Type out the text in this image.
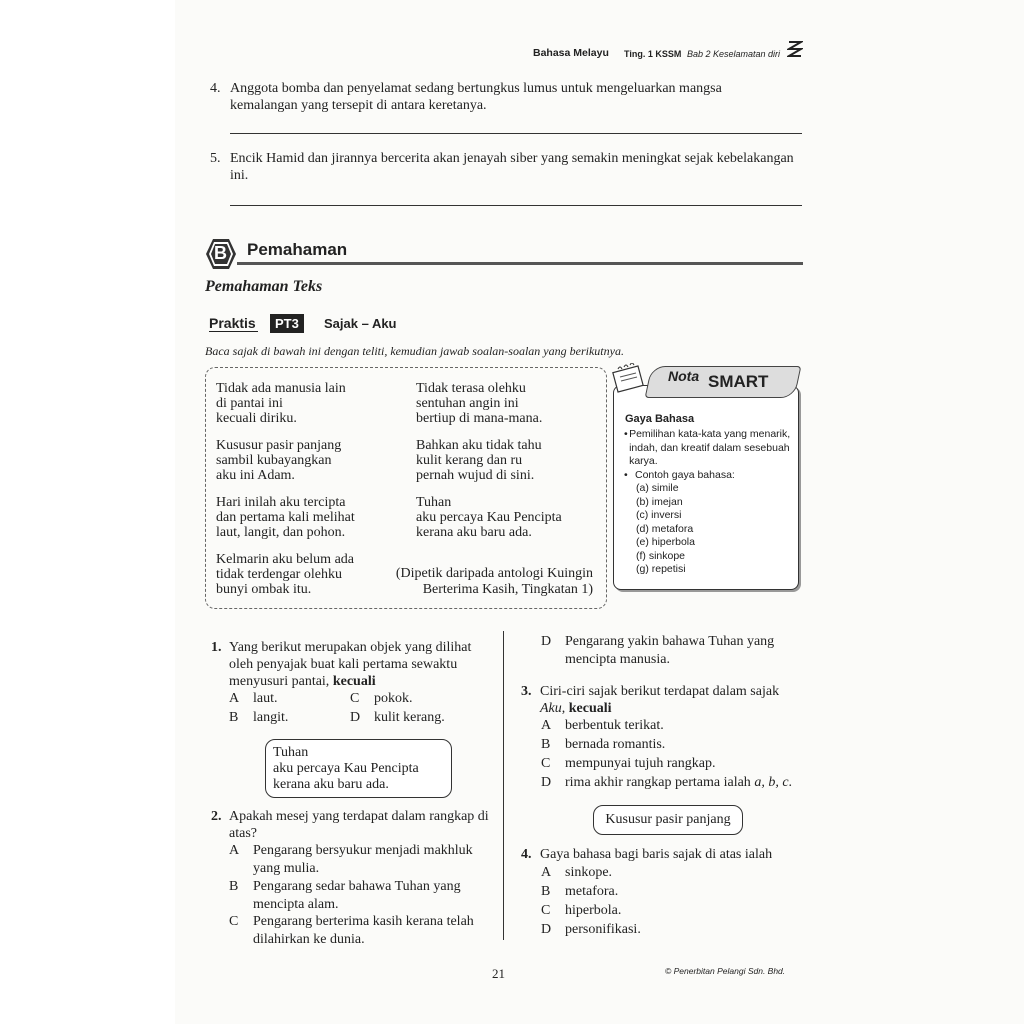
Bahasa Melayu Ting. 1 KSSM Bab 2 Keselamatan diri
4. Anggota bomba dan penyelamat sedang bertungkus lumus untuk mengeluarkan mangsa
kemalangan yang tersepit di antara keretanya.
5. Encik Hamid dan jirannya bercerita akan jenayah siber yang semakin meningkat sejak kebelakangan
ini.
B Pemahaman
Pemahaman Teks
Praktis	PT3	Sajak – Aku
Baca sajak di bawah ini dengan teliti, kemudian jawab soalan-soalan yang berikutnya.
Tidak ada manusia lain
di pantai ini
kecuali diriku.
Kususur pasir panjang
sambil kubayangkan
aku ini Adam.
Hari inilah aku tercipta
dan pertama kali melihat
laut, langit, dan pohon.
Kelmarin aku belum ada
tidak terdengar olehku
bunyi ombak itu.
Tidak terasa olehku
sentuhan angin ini
bertiup di mana-mana.
Bahkan aku tidak tahu
kulit kerang dan ru
pernah wujud di sini.
Tuhan
aku percaya Kau Pencipta
kerana aku baru ada.
(Dipetik daripada antologi Kuingin
Berterima Kasih, Tingkatan 1)
Nota SMART
Gaya Bahasa
• Pemilihan kata-kata yang menarik, indah, dan kreatif dalam sesebuah karya.
• Contoh gaya bahasa:
(a) simile
(b) imejan
(c) inversi
(d) metafora
(e) hiperbola
(f) sinkope
(g) repetisi
1. Yang berikut merupakan objek yang dilihat oleh penyajak buat kali pertama sewaktu menyusuri pantai, kecuali
A laut.	C pokok.
B langit.	D kulit kerang.
Tuhan
aku percaya Kau Pencipta
kerana aku baru ada.
2. Apakah mesej yang terdapat dalam rangkap di atas?
A Pengarang bersyukur menjadi makhluk yang mulia.
B	Pengarang sedar bahawa Tuhan yang mencipta alam.
C	Pengarang berterima kasih kerana telah dilahirkan ke dunia.
D Pengarang yakin bahawa Tuhan yang mencipta manusia.
3. Ciri-ciri sajak berikut terdapat dalam sajak Aku, kecuali
A berbentuk terikat.
B bernada romantis.
C mempunyai tujuh rangkap.
D rima akhir rangkap pertama ialah a, b, c.
Kususur pasir panjang
4. Gaya bahasa bagi baris sajak di atas ialah
A sinkope.
B metafora.
C hiperbola.
D personifikasi.
21	© Penerbitan Pelangi Sdn. Bhd.
